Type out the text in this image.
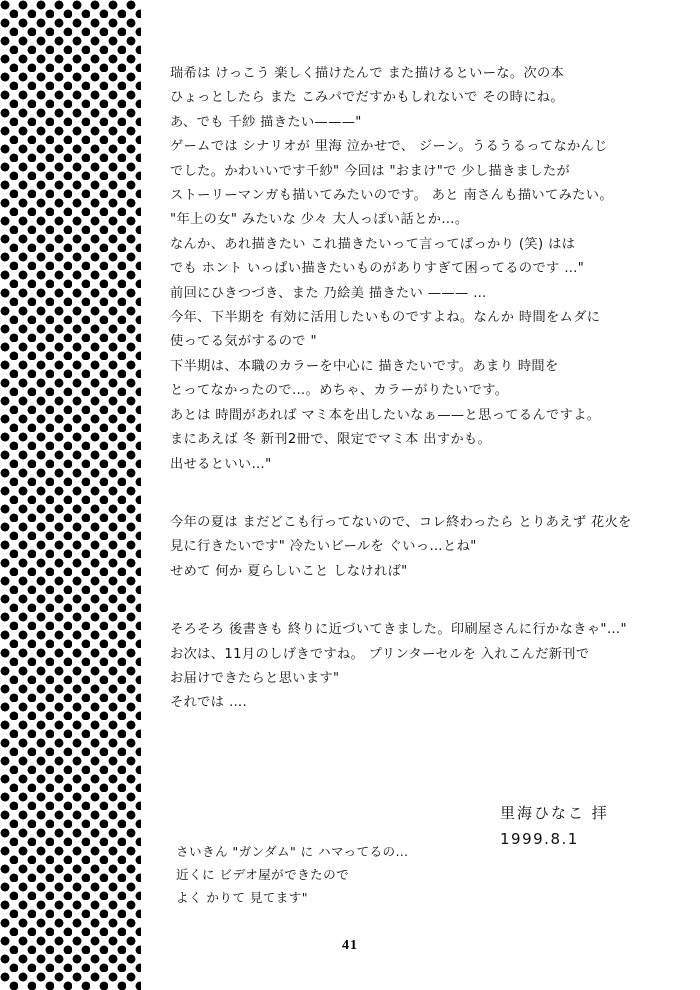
瑞希は けっこう 楽しく描けたんで また描けるといーな。次の本
ひょっとしたら また こみパでだすかもしれないで その時にね。
あ、でも 千紗 描きたい———"
ゲームでは シナリオが 里海 泣かせで、 ジーン。うるうるってなかんじ
でした。かわいいです千紗" 今回は "おまけ"で 少し描きましたが
ストーリーマンガも描いてみたいのです。 あと 南さんも描いてみたい。
"年上の女" みたいな 少々 大人っぽい話とか…。
なんか、あれ描きたい これ描きたいって言ってばっかり (笑) はは
でも ホント いっぱい描きたいものがありすぎて困ってるのです …"
前回にひきつづき、また 乃絵美 描きたい ——— …
今年、下半期を 有効に活用したいものですよね。なんか 時間をムダに
使ってる気がするので "
下半期は、本職のカラーを中心に 描きたいです。あまり 時間を
とってなかったので…。めちゃ、カラーがりたいです。
あとは 時間があれば マミ本を出したいなぁ——と思ってるんですよ。
まにあえば 冬 新刊2冊で、限定でマミ本 出すかも。
出せるといい…"
今年の夏は まだどこも行ってないので、コレ終わったら とりあえず 花火を
見に行きたいです" 冷たいビールを ぐいっ…とね"
せめて 何か 夏らしいこと しなければ"
そろそろ 後書きも 終りに近づいてきました。印刷屋さんに行かなきゃ"…"
お次は、11月のしげきですね。 プリンターセルを 入れこんだ新刊で
お届けできたらと思います"
それでは ….
里海ひなこ 拝
1999.8.1
さいきん "ガンダム" に ハマってるの…
近くに ビデオ屋ができたので
よく かりて 見てます"
41
